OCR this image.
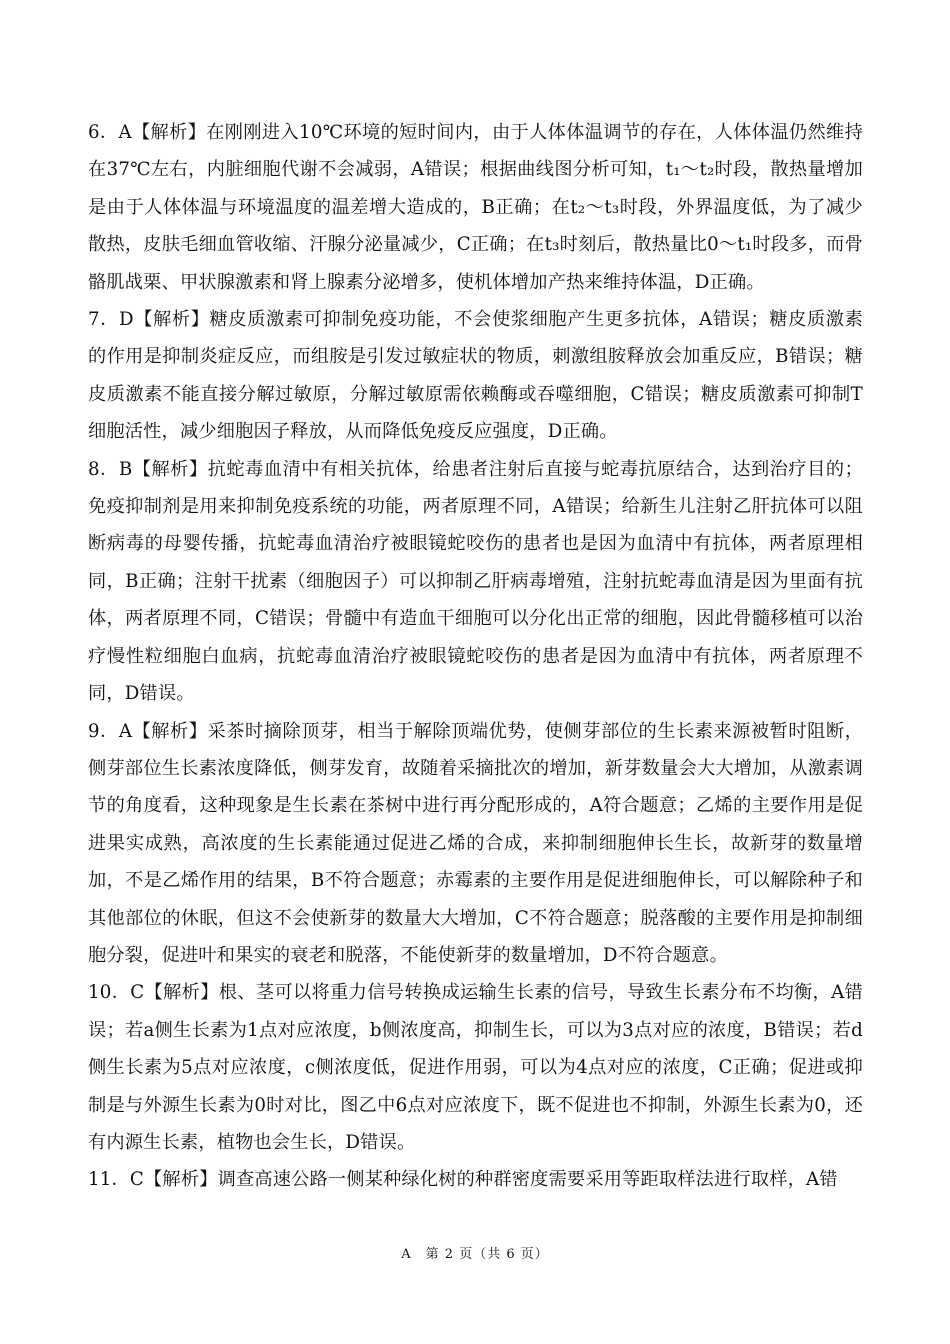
6．A【解析】在刚刚进入10℃环境的短时间内，由于人体体温调节的存在，人体体温仍然维持在37℃左右，内脏细胞代谢不会减弱，A错误；根据曲线图分析可知，t₁～t₂时段，散热量增加是由于人体体温与环境温度的温差增大造成的，B正确；在t₂～t₃时段，外界温度低，为了减少散热，皮肤毛细血管收缩、汗腺分泌量减少，C正确；在t₃时刻后，散热量比0～t₁时段多，而骨骼肌战栗、甲状腺激素和肾上腺素分泌增多，使机体增加产热来维持体温，D正确。

7．D【解析】糖皮质激素可抑制免疫功能，不会使浆细胞产生更多抗体，A错误；糖皮质激素的作用是抑制炎症反应，而组胺是引发过敏症状的物质，刺激组胺释放会加重反应，B错误；糖皮质激素不能直接分解过敏原，分解过敏原需依赖酶或吞噬细胞，C错误；糖皮质激素可抑制T细胞活性，减少细胞因子释放，从而降低免疫反应强度，D正确。

8．B【解析】抗蛇毒血清中有相关抗体，给患者注射后直接与蛇毒抗原结合，达到治疗目的；免疫抑制剂是用来抑制免疫系统的功能，两者原理不同，A错误；给新生儿注射乙肝抗体可以阻断病毒的母婴传播，抗蛇毒血清治疗被眼镜蛇咬伤的患者也是因为血清中有抗体，两者原理相同，B正确；注射干扰素（细胞因子）可以抑制乙肝病毒增殖，注射抗蛇毒血清是因为里面有抗体，两者原理不同，C错误；骨髓中有造血干细胞可以分化出正常的细胞，因此骨髓移植可以治疗慢性粒细胞白血病，抗蛇毒血清治疗被眼镜蛇咬伤的患者是因为血清中有抗体，两者原理不同，D错误。

9．A【解析】采茶时摘除顶芽，相当于解除顶端优势，使侧芽部位的生长素来源被暂时阻断，侧芽部位生长素浓度降低，侧芽发育，故随着采摘批次的增加，新芽数量会大大增加，从激素调节的角度看，这种现象是生长素在茶树中进行再分配形成的，A符合题意；乙烯的主要作用是促进果实成熟，高浓度的生长素能通过促进乙烯的合成，来抑制细胞伸长生长，故新芽的数量增加，不是乙烯作用的结果，B不符合题意；赤霉素的主要作用是促进细胞伸长，可以解除种子和其他部位的休眠，但这不会使新芽的数量大大增加，C不符合题意；脱落酸的主要作用是抑制细胞分裂，促进叶和果实的衰老和脱落，不能使新芽的数量增加，D不符合题意。

10．C【解析】根、茎可以将重力信号转换成运输生长素的信号，导致生长素分布不均衡，A错误；若a侧生长素为1点对应浓度，b侧浓度高，抑制生长，可以为3点对应的浓度，B错误；若d侧生长素为5点对应浓度，c侧浓度低，促进作用弱，可以为4点对应的浓度，C正确；促进或抑制是与外源生长素为0时对比，图乙中6点对应浓度下，既不促进也不抑制，外源生长素为0，还有内源生长素，植物也会生长，D错误。

11．C【解析】调查高速公路一侧某种绿化树的种群密度需要采用等距取样法进行取样，A错

A　第 2 页（共 6 页）
